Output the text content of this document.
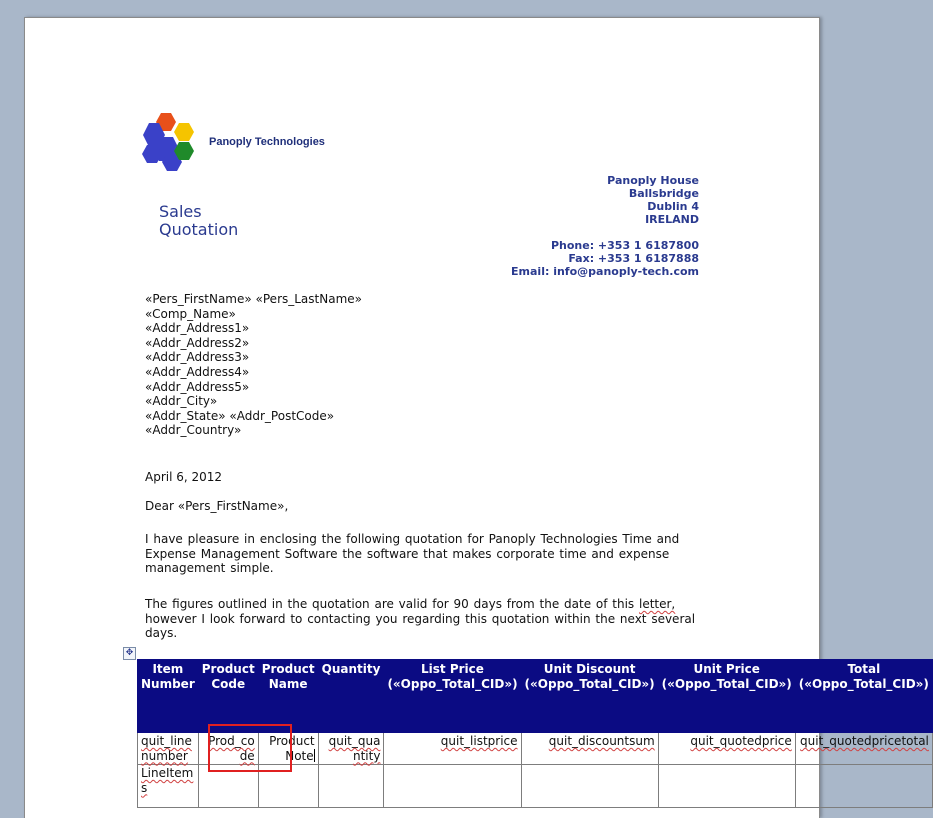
Panoply Technologies
Sales
Quotation
Panoply House
Ballsbridge
Dublin 4
IRELAND
Phone: +353 1 6187800
Fax: +353 1 6187888
Email: info@panoply-tech.com
«Pers_FirstName» «Pers_LastName»
«Comp_Name»
«Addr_Address1»
«Addr_Address2»
«Addr_Address3»
«Addr_Address4»
«Addr_Address5»
«Addr_City»
«Addr_State» «Addr_PostCode»
«Addr_Country»
April 6, 2012
Dear «Pers_FirstName»,
I have pleasure in enclosing the following quotation for Panoply Technologies Time and Expense Management Software the software that makes corporate time and expense management simple.
The figures outlined in the quotation are valid for 90 days from the date of this letter, however I look forward to contacting you regarding this quotation within the next several days.
✥
Item Number	Product Code	Product Name	Quantity	List Price («Oppo_Total_CID»)	Unit Discount («Oppo_Total_CID»)	Unit Price («Oppo_Total_CID»)	Total («Oppo_Total_CID»)
quit_linenumber	Prod_code	Product Note	quit_quantity	quit_listprice	quit_discountsum	quit_quotedprice	quit_quotedpricetotal
LineItems							
